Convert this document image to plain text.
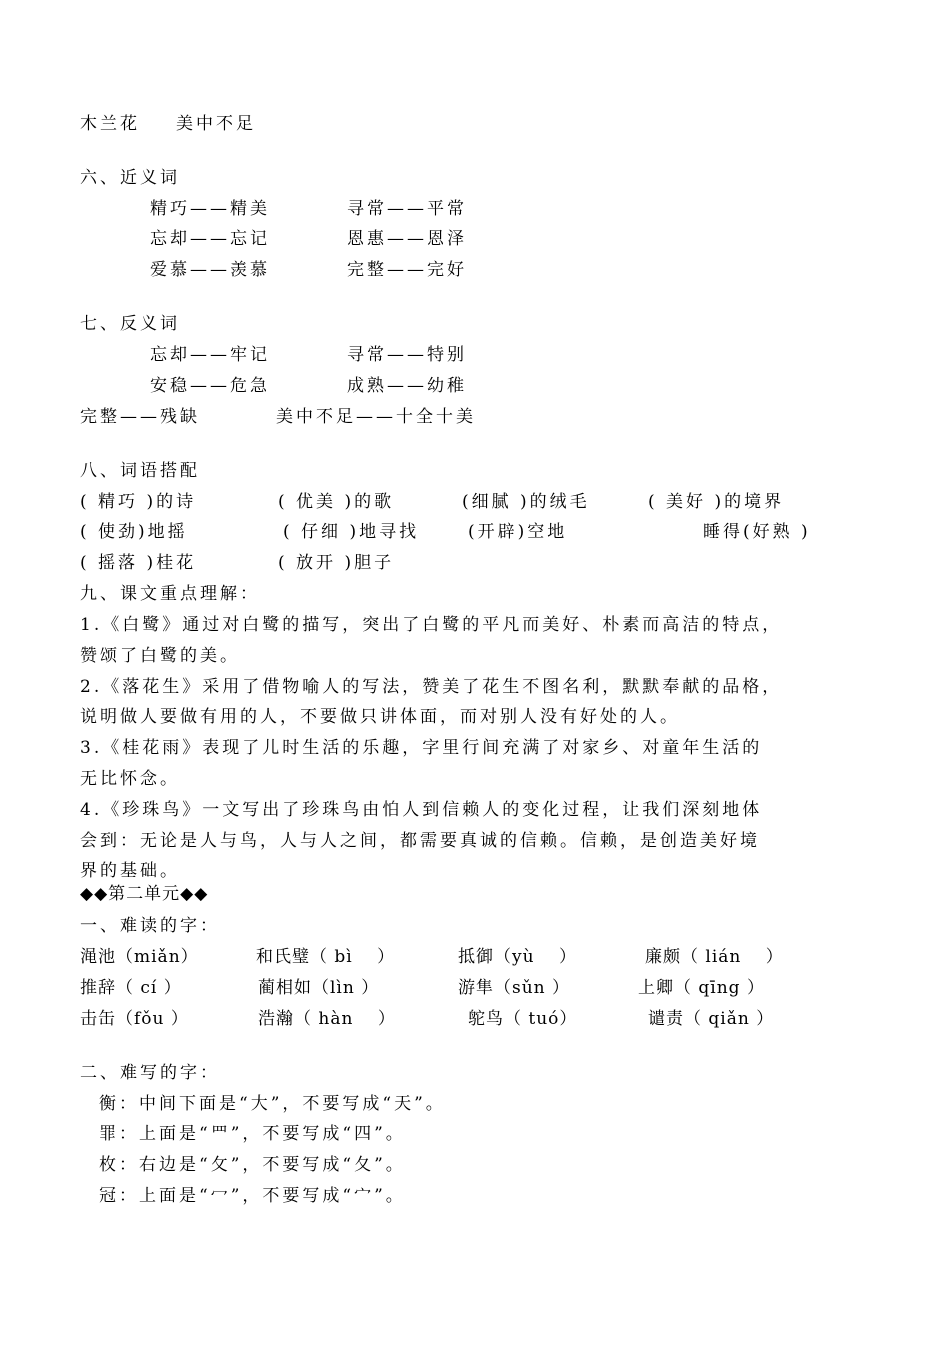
木兰花 美中不足
六、近义词
精巧——精美	寻常——平常
忘却——忘记	恩惠——恩泽
爱慕——羡慕	完整——完好
七、反义词
忘却——牢记	寻常——特别
安稳——危急	成熟——幼稚
完整——残缺	美中不足——十全十美
八、词语搭配
( 精巧 )的诗	( 优美 )的歌	(细腻 )的绒毛	( 美好 )的境界
( 使劲)地摇	( 仔细 )地寻找	(开辟)空地	睡得(好熟 )
( 摇落 )桂花	( 放开 )胆子
九、课文重点理解：
1.《白鹭》通过对白鹭的描写，突出了白鹭的平凡而美好、朴素而高洁的特点，
赞颂了白鹭的美。
2.《落花生》采用了借物喻人的写法，赞美了花生不图名利，默默奉献的品格，
说明做人要做有用的人，不要做只讲体面，而对别人没有好处的人。
3.《桂花雨》表现了儿时生活的乐趣，字里行间充满了对家乡、对童年生活的
无比怀念。
4.《珍珠鸟》一文写出了珍珠鸟由怕人到信赖人的变化过程，让我们深刻地体
会到：无论是人与鸟，人与人之间，都需要真诚的信赖。信赖，是创造美好境
界的基础。
◆◆第二单元◆◆
一、难读的字：
渑池（miǎn）	和氏璧（ bì　 ）	抵御（yù　 ）	廉颇（ lián　 ）
推辞（ cí ）	蔺相如（lìn ）	游隼（sǔn ）	上卿（ qīng ）
击缶（fǒu ）	浩瀚（ hàn　 ）	鸵鸟（ tuó）	谴责（ qiǎn ）
二、难写的字：
衡：中间下面是“大”，不要写成“天”。
罪：上面是“罒”，不要写成“四”。
枚：右边是“攵”，不要写成“夂”。
冠：上面是“冖”，不要写成“宀”。
